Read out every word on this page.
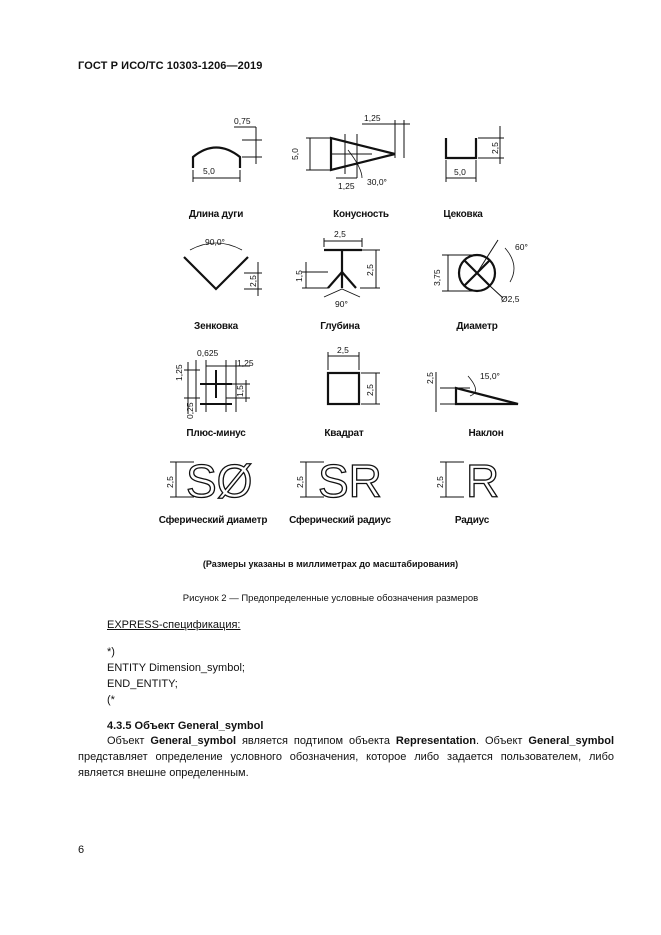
ГОСТ Р ИСО/ТС 10303-1206—2019
5,0
0,75
5,0
1,25
1,25 30,0°
5,0
2,5
90,0°
2,5
2,5
1,5
2,5
90°
3,75
60°
Ø2,5
0,625
1,25
1,25
1,5
0,25
2,5
2,5
2,5	15,0°
SØ
2,5	SR
2,5	R
2,5
Длина дуги	Конусность	Цековка
Зенковка	Глубина	Диаметр
Плюс-минус	Квадрат	Наклон
Сферический диаметр	Сферический радиус	Радиус
(Размеры указаны в миллиметрах до масштабирования)
Рисунок 2 — Предопределенные условные обозначения размеров
EXPRESS-спецификация:
*)
ENTITY Dimension_symbol;
END_ENTITY;
(*
4.3.5 Объект General_symbol
Объект General_symbol является подтипом объекта Representation. Объект General_symbol представляет определение условного обозначения, которое либо задается пользователем, либо является внешне определенным.
6
